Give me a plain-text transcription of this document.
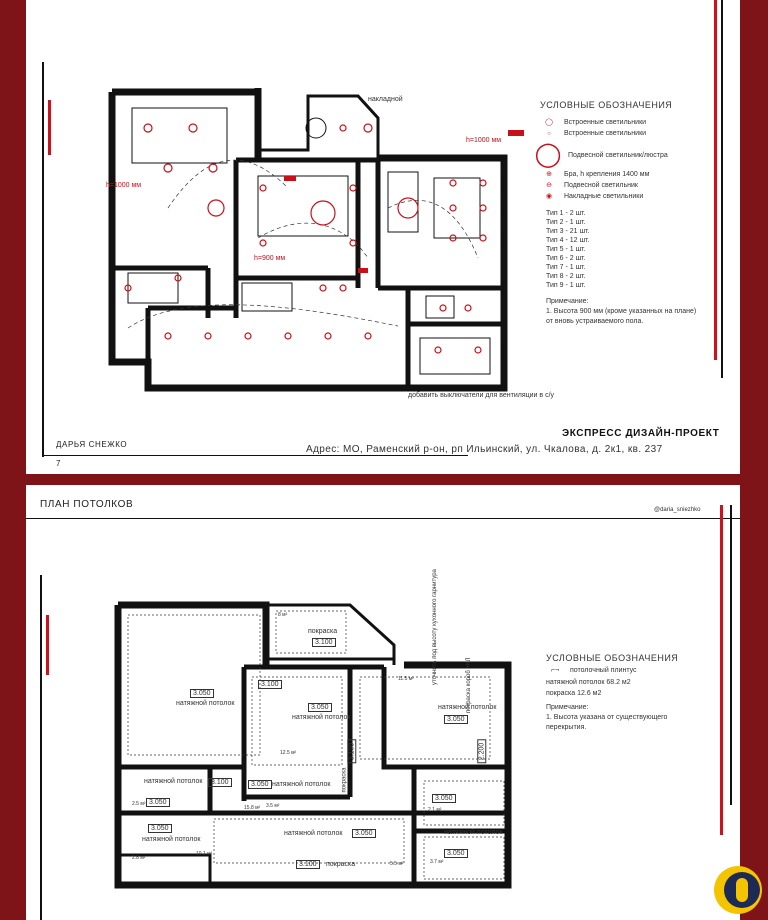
накладной
h=1000 мм
h=900 мм
h=1000 мм
добавить выключатели для вентиляции в с/у
УСЛОВНЫЕ ОБОЗНАЧЕНИЯ
◯	Встроенные светильники
○	Встроенные светильники
◯ Подвесной светильник/люстра
⊕	Бра, h крепления 1400 мм
⊖	Подвесной светильник
◉	Накладные светильники
Тип 1 - 2 шт.
Тип 2 - 1 шт.
Тип 3 - 21 шт.
Тип 4 - 12 шт.
Тип 5 - 1 шт.
Тип 6 - 2 шт.
Тип 7 - 1 шт.
Тип 8 - 2 шт.
Тип 9 - 1 шт.
Примечание:
1. Высота 900 мм (кроме указанных на плане)
от вновь устраиваемого пола.
ДАРЬЯ СНЕЖКО
7
ЭКСПРЕСС ДИЗАЙН-ПРОЕКТ
Адрес: МО, Раменский р-он, рп Ильинский, ул. Чкалова, д. 2к1, кв. 237
ПЛАН ПОТОЛКОВ	@daria_sniezhko
3.050
натяжной потолок
покраска
3.100
8 м²
3.050
натяжной потолок
12.5 м²
натяжной потолок
3.050
11.5 м²
натяжной потолок
3.050
2.5 м²
3.050 натяжной потолок
3.5 м²
3.050
натяжной потолок
2.8 м²
натяжной потолок	3.050
10.1 м²
натяжной потолок
3.050
3.7 м²
3.050
2.1 м²
3.100	покраска	5.5 м²
3.100
3.100
3.100	2.200
уточнить под высоту кухонного гарнитура
покраска
покраска короб +КЛ
15.8 м²
УСЛОВНЫЕ ОБОЗНАЧЕНИЯ
⌐¬	потолочный плинтус
натяжной потолок 68.2 м2
покраска 12.6 м2
Примечание:
1. Высота указана от существующего
перекрытия.
